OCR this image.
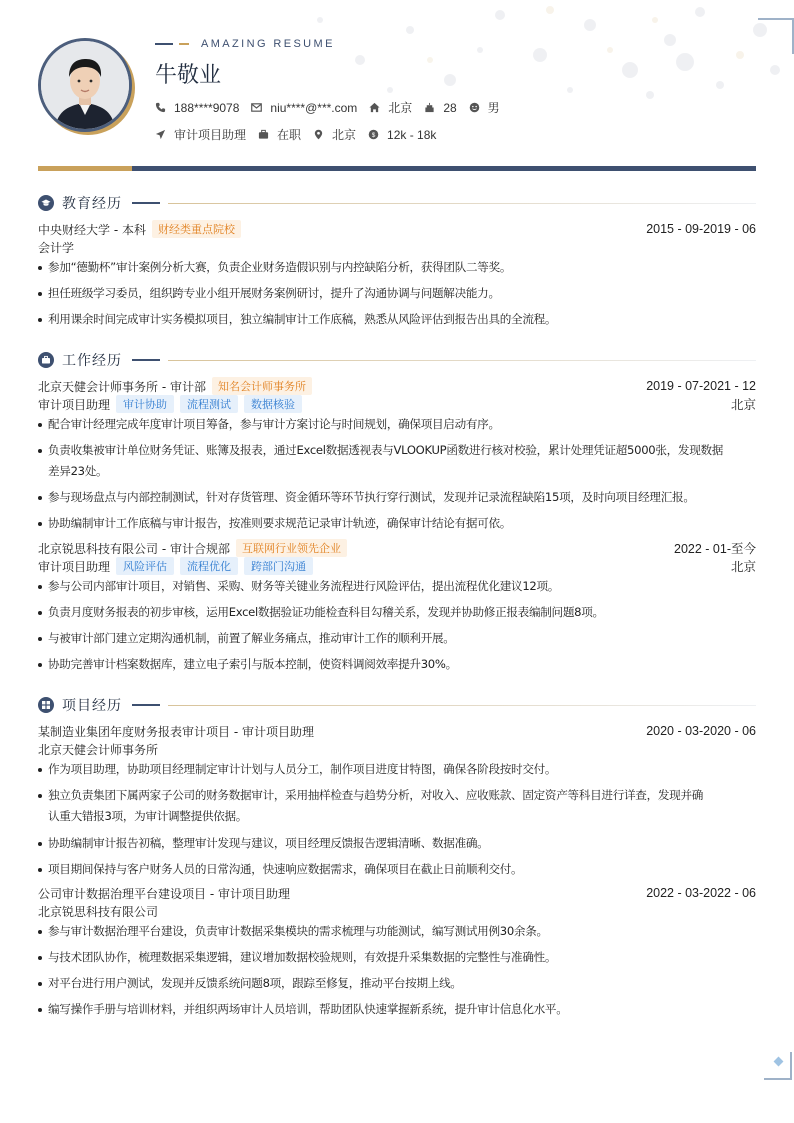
AMAZING RESUME
牛敬业
188****9078	niu****@***.com	北京	28	男
审计项目助理	在职	北京 $ 12k - 18k
教育经历
中央财经大学 - 本科	财经类重点院校	2015 - 09-2019 - 06
会计学
参加“德勤杯”审计案例分析大赛，负责企业财务造假识别与内控缺陷分析，获得团队二等奖。
担任班级学习委员，组织跨专业小组开展财务案例研讨，提升了沟通协调与问题解决能力。
利用课余时间完成审计实务模拟项目，独立编制审计工作底稿，熟悉从风险评估到报告出具的全流程。
工作经历
北京天健会计师事务所 - 审计部	知名会计师事务所	2019 - 07-2021 - 12
审计项目助理	审计协助	流程测试	数据核验	北京
配合审计经理完成年度审计项目筹备，参与审计方案讨论与时间规划，确保项目启动有序。
负责收集被审计单位财务凭证、账簿及报表，通过Excel数据透视表与VLOOKUP函数进行核对校验，累计处理凭证超5000张，发现数据
差异23处。
参与现场盘点与内部控制测试，针对存货管理、资金循环等环节执行穿行测试，发现并记录流程缺陷15项，及时向项目经理汇报。
协助编制审计工作底稿与审计报告，按准则要求规范记录审计轨迹，确保审计结论有据可依。
北京锐思科技有限公司 - 审计合规部	互联网行业领先企业	2022 - 01-至今
审计项目助理	风险评估	流程优化	跨部门沟通	北京
参与公司内部审计项目，对销售、采购、财务等关键业务流程进行风险评估，提出流程优化建议12项。
负责月度财务报表的初步审核，运用Excel数据验证功能检查科目勾稽关系，发现并协助修正报表编制问题8项。
与被审计部门建立定期沟通机制，前置了解业务痛点，推动审计工作的顺利开展。
协助完善审计档案数据库，建立电子索引与版本控制，使资料调阅效率提升30%。
项目经历
某制造业集团年度财务报表审计项目 - 审计项目助理	2020 - 03-2020 - 06
北京天健会计师事务所
作为项目助理，协助项目经理制定审计计划与人员分工，制作项目进度甘特图，确保各阶段按时交付。
独立负责集团下属两家子公司的财务数据审计，采用抽样检查与趋势分析，对收入、应收账款、固定资产等科目进行详查，发现并确
认重大错报3项，为审计调整提供依据。
协助编制审计报告初稿，整理审计发现与建议，项目经理反馈报告逻辑清晰、数据准确。
项目期间保持与客户财务人员的日常沟通，快速响应数据需求，确保项目在截止日前顺利交付。
公司审计数据治理平台建设项目 - 审计项目助理	2022 - 03-2022 - 06
北京锐思科技有限公司
参与审计数据治理平台建设，负责审计数据采集模块的需求梳理与功能测试，编写测试用例30余条。
与技术团队协作，梳理数据采集逻辑，建议增加数据校验规则，有效提升采集数据的完整性与准确性。
对平台进行用户测试，发现并反馈系统问题8项，跟踪至修复，推动平台按期上线。
编写操作手册与培训材料，并组织两场审计人员培训，帮助团队快速掌握新系统，提升审计信息化水平。
